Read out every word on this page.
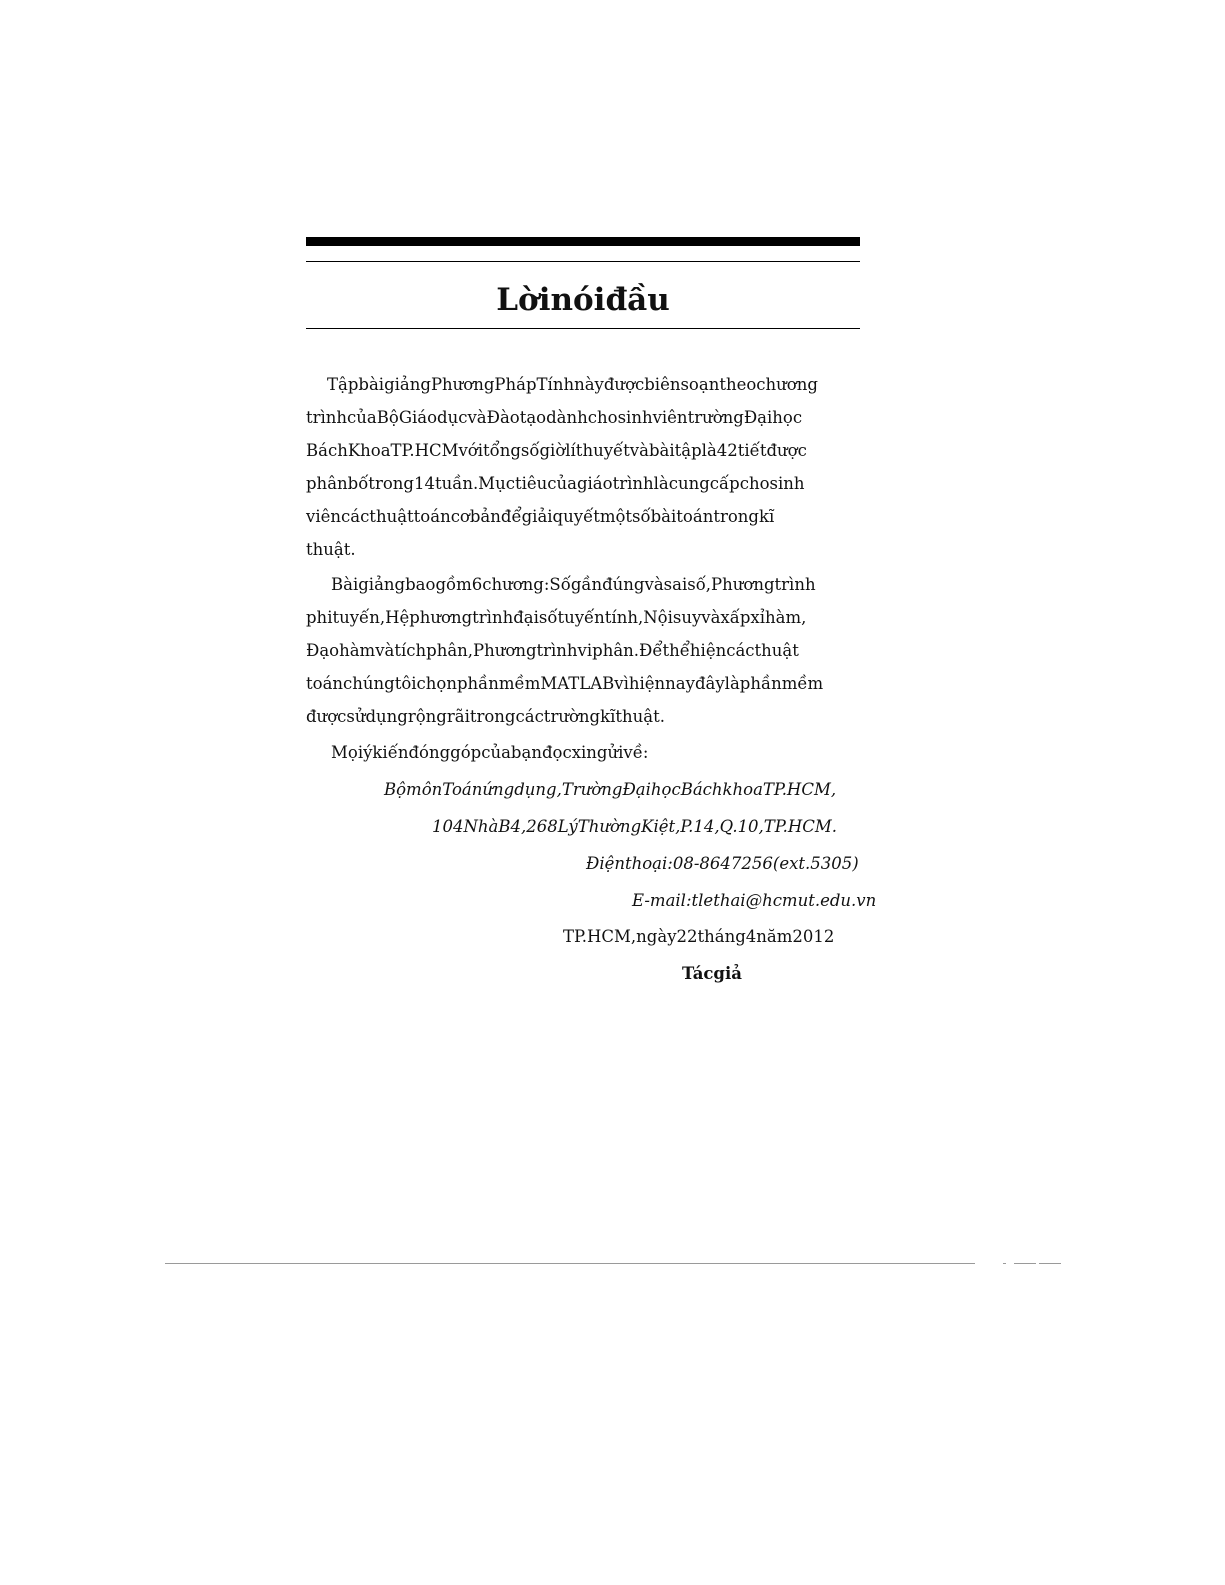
Lờinóiđầu

TậpbàigiảngPhươngPhápTínhnàyđượcbiênsoạntheochương

trìnhcủaBộGiáodụcvàĐàotạodànhchosinhviêntrườngĐạihọc

BáchKhoaTP.HCMvớitổngsốgiờlíthuyếtvàbàitậplà42tiếtđược

phânbốtrong14tuần.Mụctiêucủagiáotrìnhlàcungcấpchosinh

viêncácthuậttoáncơbảnđểgiảiquyếtmộtsốbàitoántrongkĩ

thuật.

Bàigiảngbaogồm6chương:Sốgầnđúngvàsaisố,Phươngtrình

phituyến,Hệphươngtrìnhđạisốtuyếntính,Nộisuyvàxấpxỉhàm,

Đạohàmvàtíchphân,Phươngtrìnhviphân.Đểthểhiệncácthuật

toánchúngtôichọnphầnmềmMATLABvìhiệnnayđâylàphầnmềm

đượcsửdụngrộngrãitrongcáctrườngkĩthuật.

Mọiýkiếnđónggópcủabạnđọcxingửivề:

BộmônToánứngdụng,TrườngĐạihọcBáchkhoaTP.HCM,

104NhàB4,268LýThườngKiệt,P.14,Q.10,TP.HCM.

Điệnthoại:08-8647256(ext.5305)

E-mail:tlethai@hcmut.edu.vn

TP.HCM,ngày22tháng4năm2012

Tácgiả
